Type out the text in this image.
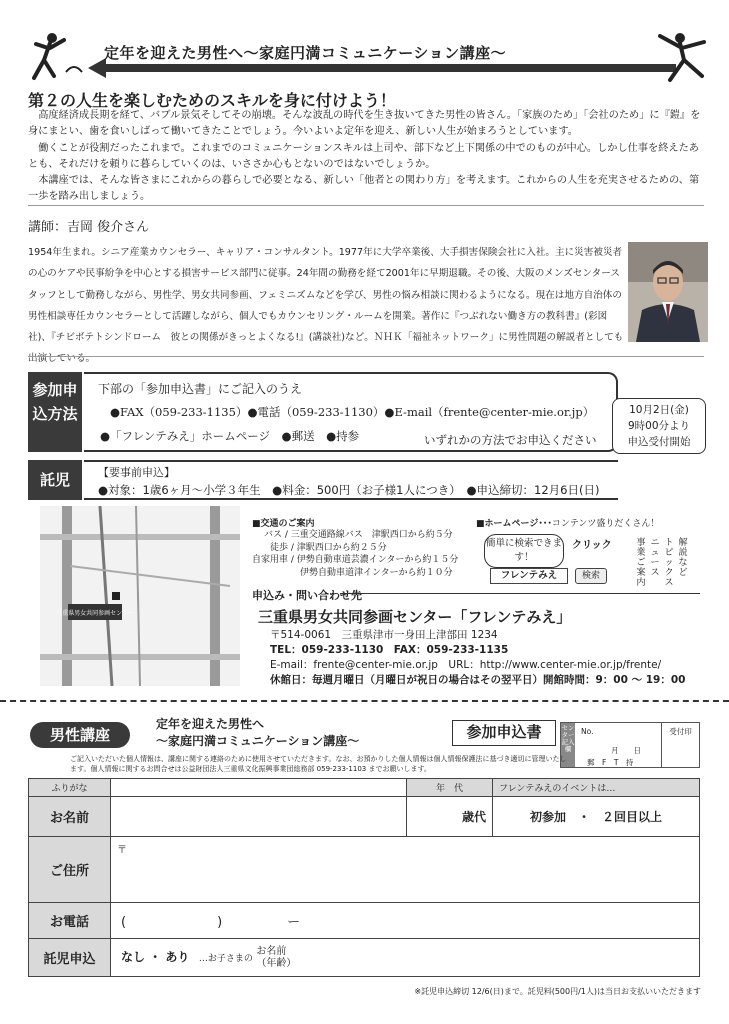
定年を迎えた男性へ～家庭円満コミュニケーション講座～
第２の人生を楽しむためのスキルを身に付けよう！

高度経済成長期を経て、バブル景気そしてその崩壊。そんな波乱の時代を生き抜いてきた男性の皆さん。「家族のため」「会社のため」に『鎧』を身にまとい、歯を食いしばって働いてきたことでしょう。今いよいよ定年を迎え、新しい人生が始まろうとしています。

働くことが役割だったこれまで。これまでのコミュニケーションスキルは上司や、部下など上下関係の中でのものが中心。しかし仕事を終えたあとも、それだけを頼りに暮らしていくのは、いささか心もとないのではないでしょうか。

本講座では、そんな皆さまにこれからの暮らしで必要となる、新しい「他者との関わり方」を考えます。これからの人生を充実させるための、第一歩を踏み出しましょう。

講師：吉岡 俊介さん
1954年生まれ。シニア産業カウンセラー、キャリア・コンサルタント。1977年に大学卒業後、大手損害保険会社に入社。主に災害被災者の心のケアや民事紛争を中心とする損害サービス部門に従事。24年間の勤務を経て2001年に早期退職。その後、大阪のメンズセンタースタッフとして勤務しながら、男性学、男女共同参画、フェミニズムなどを学び、男性の悩み相談に関わるようになる。現在は地方自治体の男性相談専任カウンセラーとして活躍しながら、個人でもカウンセリング・ルームを開業。著作に『つぶれない働き方の教科書』(彩図社)、『チビボテトシンドローム　彼との関係がきっとよくなる!』(講談社)など。ＮＨＫ「福祉ネットワーク」に男性問題の解説者としても出演している。
参加申込方法
下部の「参加申込書」にご記入のうえ
●FAX（059-233-1135）●電話（059-233-1130）●E-mail（frente@center-mie.or.jp）
●「フレンテみえ」ホームページ　●郵送　●持参	いずれかの方法でお申込ください
10月2日(金)
9時00分より
申込受付開始
託児	【要事前申込】
●対象：1歳6ヶ月～小学３年生　●料金：500円（お子様1人につき）　●申込締切：12月6日(日)
三重県男女共同参画センター
■交通のご案内
バス / 三重交通路線バス　津駅西口から約５分
徒歩 / 津駅西口から約２５分
自家用車 / 伊勢自動車道芸濃インターから約１５分
伊勢自動車道津インターから約１０分
■ホームページ･･･コンテンツ盛りだくさん！
簡単に検索できます！
クリック
フレンテみえ	検索
事業ご案内
ニュース
トピックス
解説など
申込み・問い合わせ先
三重県男女共同参画センター「フレンテみえ」
〒514-0061　三重県津市一身田上津部田 1234
TEL：059-233-1130　FAX：059-233-1135
E-mail：frente@center-mie.or.jp　URL：http://www.center-mie.or.jp/frente/
休館日：毎週月曜日（月曜日が祝日の場合はその翌平日）開館時間：9：00 ～ 19：00
男性講座
定年を迎えた男性へ
～家庭円満コミュニケーション講座～	参加申込書	センター記入欄
No.
月　　日
郵　F　T　持
受付印
ご記入いただいた個人情報は、講座に関する連絡のために使用させていただきます。なお、お預かりした個人情報は個人情報保護法に基づき適切に管理いたします。個人情報に関するお問合せは公益財団法人三重県文化振興事業団総務部 059-233-1103 までお願いします。
ふりがな		年　代	フレンテみえのイベントは…
お名前		歳代	初参加　・　２回目以上
ご住所	〒		
お電話	(　　　　　　　)　　　　　ー		
託児申込	なし ・ あり …お子さまの お名前（年齢）		
※託児申込締切 12/6(日)まで。託児料(500円/1人)は当日お支払いいただきます
